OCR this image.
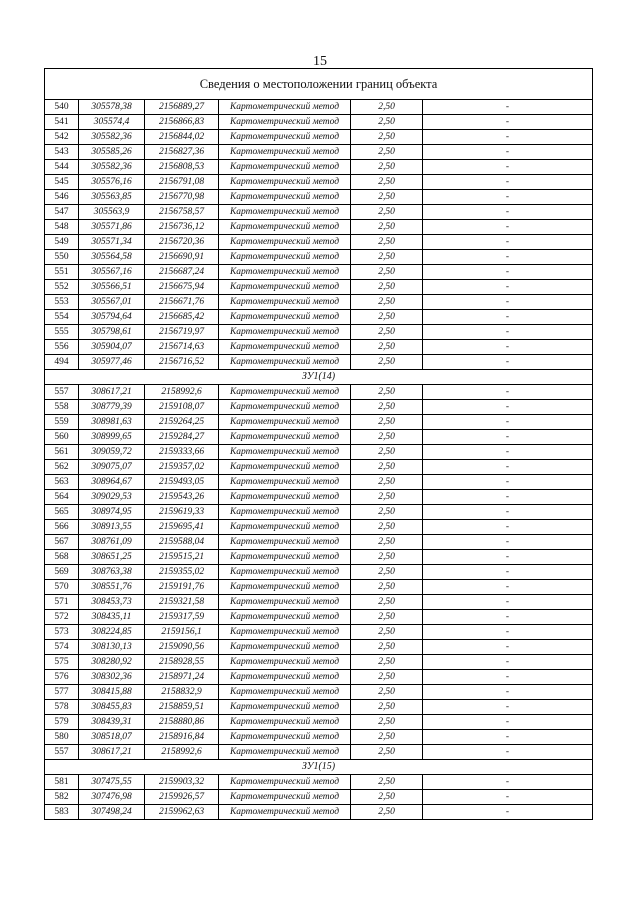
15
Сведения о местоположении границ объекта					
540	305578,38	2156889,27	Картометрический метод	2,50	-
541	305574,4	2156866,83	Картометрический метод	2,50	-
542	305582,36	2156844,02	Картометрический метод	2,50	-
543	305585,26	2156827,36	Картометрический метод	2,50	-
544	305582,36	2156808,53	Картометрический метод	2,50	-
545	305576,16	2156791,08	Картометрический метод	2,50	-
546	305563,85	2156770,98	Картометрический метод	2,50	-
547	305563,9	2156758,57	Картометрический метод	2,50	-
548	305571,86	2156736,12	Картометрический метод	2,50	-
549	305571,34	2156720,36	Картометрический метод	2,50	-
550	305564,58	2156690,91	Картометрический метод	2,50	-
551	305567,16	2156687,24	Картометрический метод	2,50	-
552	305566,51	2156675,94	Картометрический метод	2,50	-
553	305567,01	2156671,76	Картометрический метод	2,50	-
554	305794,64	2156685,42	Картометрический метод	2,50	-
555	305798,61	2156719,97	Картометрический метод	2,50	-
556	305904,07	2156714,63	Картометрический метод	2,50	-
494	305977,46	2156716,52	Картометрический метод	2,50	-
ЗУ1(14)					
557	308617,21	2158992,6	Картометрический метод	2,50	-
558	308779,39	2159108,07	Картометрический метод	2,50	-
559	308981,63	2159264,25	Картометрический метод	2,50	-
560	308999,65	2159284,27	Картометрический метод	2,50	-
561	309059,72	2159333,66	Картометрический метод	2,50	-
562	309075,07	2159357,02	Картометрический метод	2,50	-
563	308964,67	2159493,05	Картометрический метод	2,50	-
564	309029,53	2159543,26	Картометрический метод	2,50	-
565	308974,95	2159619,33	Картометрический метод	2,50	-
566	308913,55	2159695,41	Картометрический метод	2,50	-
567	308761,09	2159588,04	Картометрический метод	2,50	-
568	308651,25	2159515,21	Картометрический метод	2,50	-
569	308763,38	2159355,02	Картометрический метод	2,50	-
570	308551,76	2159191,76	Картометрический метод	2,50	-
571	308453,73	2159321,58	Картометрический метод	2,50	-
572	308435,11	2159317,59	Картометрический метод	2,50	-
573	308224,85	2159156,1	Картометрический метод	2,50	-
574	308130,13	2159090,56	Картометрический метод	2,50	-
575	308280,92	2158928,55	Картометрический метод	2,50	-
576	308302,36	2158971,24	Картометрический метод	2,50	-
577	308415,88	2158832,9	Картометрический метод	2,50	-
578	308455,83	2158859,51	Картометрический метод	2,50	-
579	308439,31	2158880,86	Картометрический метод	2,50	-
580	308518,07	2158916,84	Картометрический метод	2,50	-
557	308617,21	2158992,6	Картометрический метод	2,50	-
ЗУ1(15)					
581	307475,55	2159903,32	Картометрический метод	2,50	-
582	307476,98	2159926,57	Картометрический метод	2,50	-
583	307498,24	2159962,63	Картометрический метод	2,50	-
